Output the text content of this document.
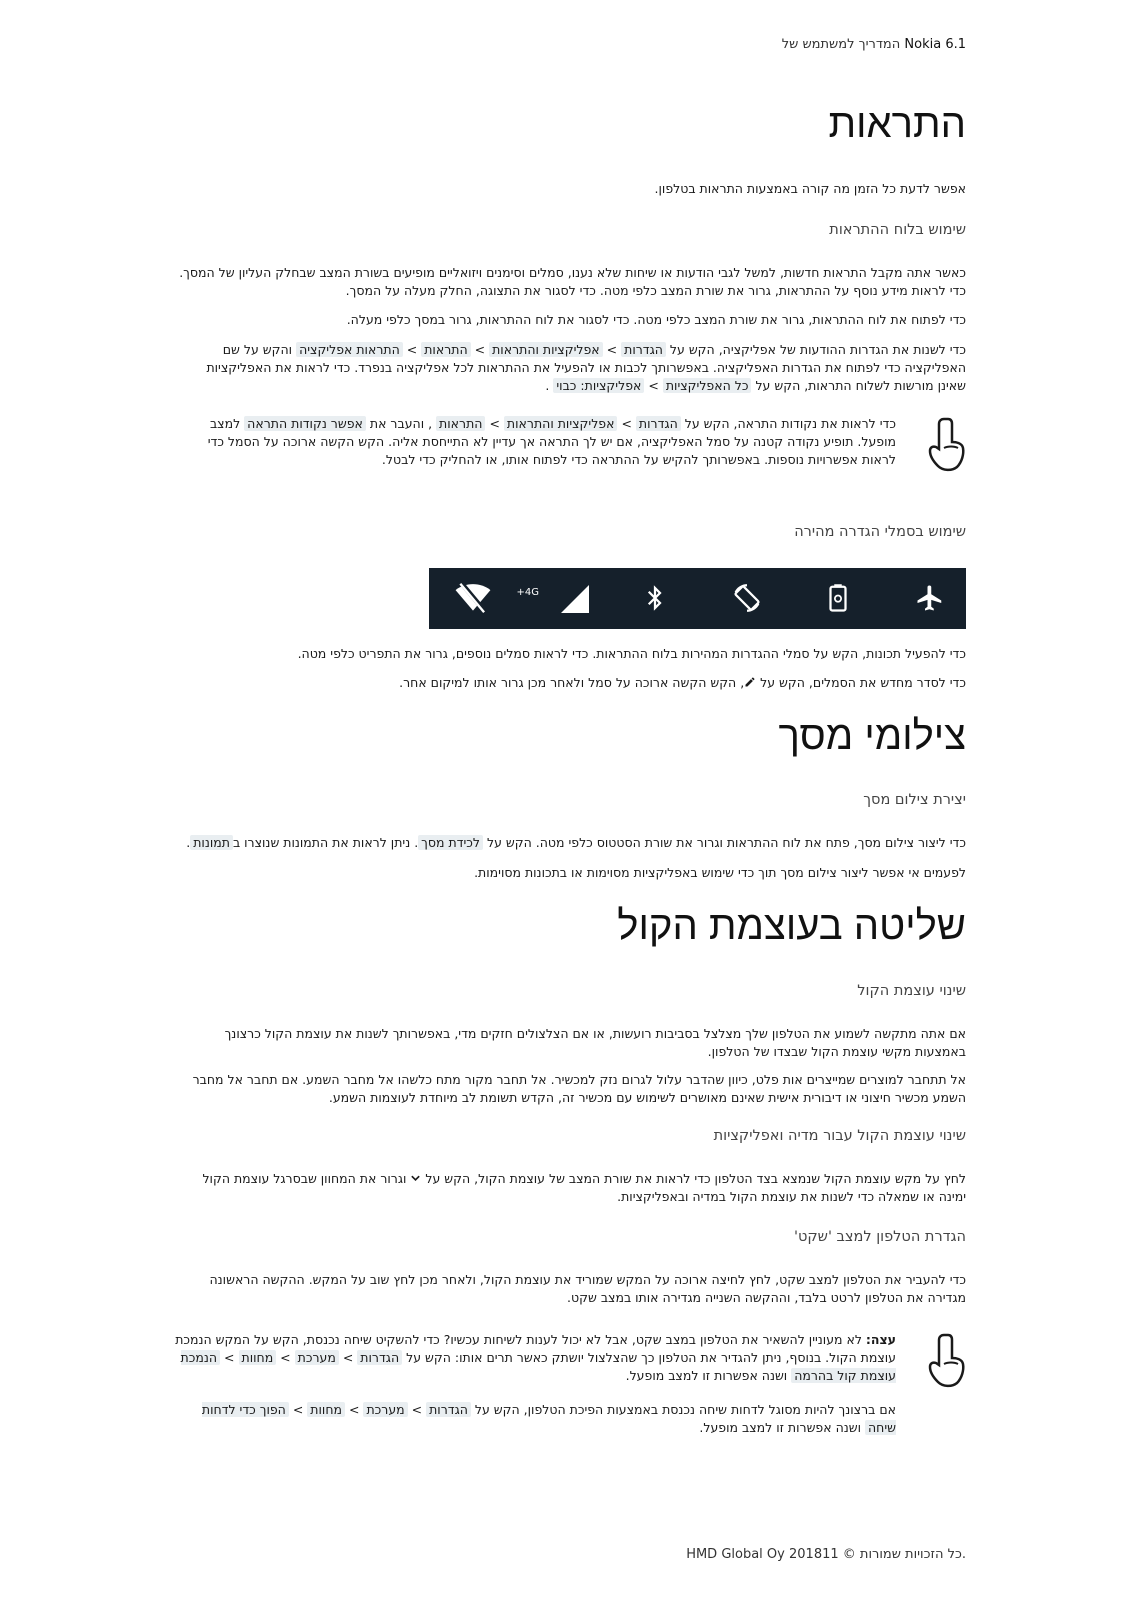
Nokia 6.1 המדריך למשתמש של
התראות

אפשר לדעת כל הזמן מה קורה באמצעות התראות בטלפון.

שימוש בלוח ההתראות

כאשר אתה מקבל התראות חדשות, למשל לגבי הודעות או שיחות שלא נענו, סמלים וסימנים ויזואליים מופיעים בשורת המצב שבחלק העליון של המסך. כדי לראות מידע נוסף על ההתראות, גרור את שורת המצב כלפי מטה. כדי לסגור את התצוגה, החלק מעלה על המסך.

כדי לפתוח את לוח ההתראות, גרור את שורת המצב כלפי מטה. כדי לסגור את לוח ההתראות, גרור במסך כלפי מעלה.

כדי לשנות את הגדרות ההודעות של אפליקציה, הקש על הגדרות > אפליקציות והתראות > התראות > התראות אפליקציה והקש על שם האפליקציה כדי לפתוח את הגדרות האפליקציה. באפשרותך לכבות או להפעיל את ההתראות לכל אפליקציה בנפרד. כדי לראות את האפליקציות שאינן מורשות לשלוח התראות, הקש על כל האפליקציות > אפליקציות: כבוי .

כדי לראות את נקודות התראה, הקש על הגדרות > אפליקציות והתראות > התראות , והעבר את אפשר נקודות התראה למצב מופעל. תופיע נקודה קטנה על סמל האפליקציה, אם יש לך התראה אך עדיין לא התייחסת אליה. הקש הקשה ארוכה על הסמל כדי לראות אפשרויות נוספות. באפשרותך להקיש על ההתראה כדי לפתוח אותו, או להחליק כדי לבטל.

שימוש בסמלי הגדרה מהירה
4G+

כדי להפעיל תכונות, הקש על סמלי ההגדרות המהירות בלוח ההתראות. כדי לראות סמלים נוספים, גרור את התפריט כלפי מטה.

כדי לסדר מחדש את הסמלים, הקש על , הקש הקשה ארוכה על סמל ולאחר מכן גרור אותו למיקום אחר.

צילומי מסך
יצירת צילום מסך

כדי ליצור צילום מסך, פתח את לוח ההתראות וגרור את שורת הסטטוס כלפי מטה. הקש על לכידת מסך. ניתן לראות את התמונות שנוצרו בתמונות.

לפעמים אי אפשר ליצור צילום מסך תוך כדי שימוש באפליקציות מסוימות או בתכונות מסוימות.

שליטה בעוצמת הקול
שינוי עוצמת הקול

אם אתה מתקשה לשמוע את הטלפון שלך מצלצל בסביבות רועשות, או אם הצלצולים חזקים מדי, באפשרותך לשנות את עוצמת הקול כרצונך באמצעות מקשי עוצמת הקול שבצדו של הטלפון.

אל תתחבר למוצרים שמייצרים אות פלט, כיוון שהדבר עלול לגרום נזק למכשיר. אל תחבר מקור מתח כלשהו אל מחבר השמע. אם תחבר אל מחבר השמע מכשיר חיצוני או דיבורית אישית שאינם מאושרים לשימוש עם מכשיר זה, הקדש תשומת לב מיוחדת לעוצמות השמע.

שינוי עוצמת הקול עבור מדיה ואפליקציות

לחץ על מקש עוצמת הקול שנמצא בצד הטלפון כדי לראות את שורת המצב של עוצמת הקול, הקש על  וגרור את המחוון שבסרגל עוצמת הקול ימינה או שמאלה כדי לשנות את עוצמת הקול במדיה ובאפליקציות.

הגדרת הטלפון למצב 'שקט'

כדי להעביר את הטלפון למצב שקט, לחץ לחיצה ארוכה על המקש שמוריד את עוצמת הקול, ולאחר מכן לחץ שוב על המקש. ההקשה הראשונה מגדירה את הטלפון לרטט בלבד, וההקשה השנייה מגדירה אותו במצב שקט.

עצה: לא מעוניין להשאיר את הטלפון במצב שקט, אבל לא יכול לענות לשיחות עכשיו? כדי להשקיט שיחה נכנסת, הקש על המקש הנמכת עוצמת הקול. בנוסף, ניתן להגדיר את הטלפון כך שהצלצול יושתק כאשר תרים אותו: הקש על הגדרות > מערכת > מחוות > הנמכת עוצמת קול בהרמה ושנה אפשרות זו למצב מופעל.

אם ברצונך להיות מסוגל לדחות שיחה נכנסת באמצעות הפיכת הטלפון, הקש על הגדרות > מערכת > מחוות > הפוך כדי לדחות שיחה ושנה אפשרות זו למצב מופעל.

.כל הזכויות שמורות © 201811 HMD Global Oy
